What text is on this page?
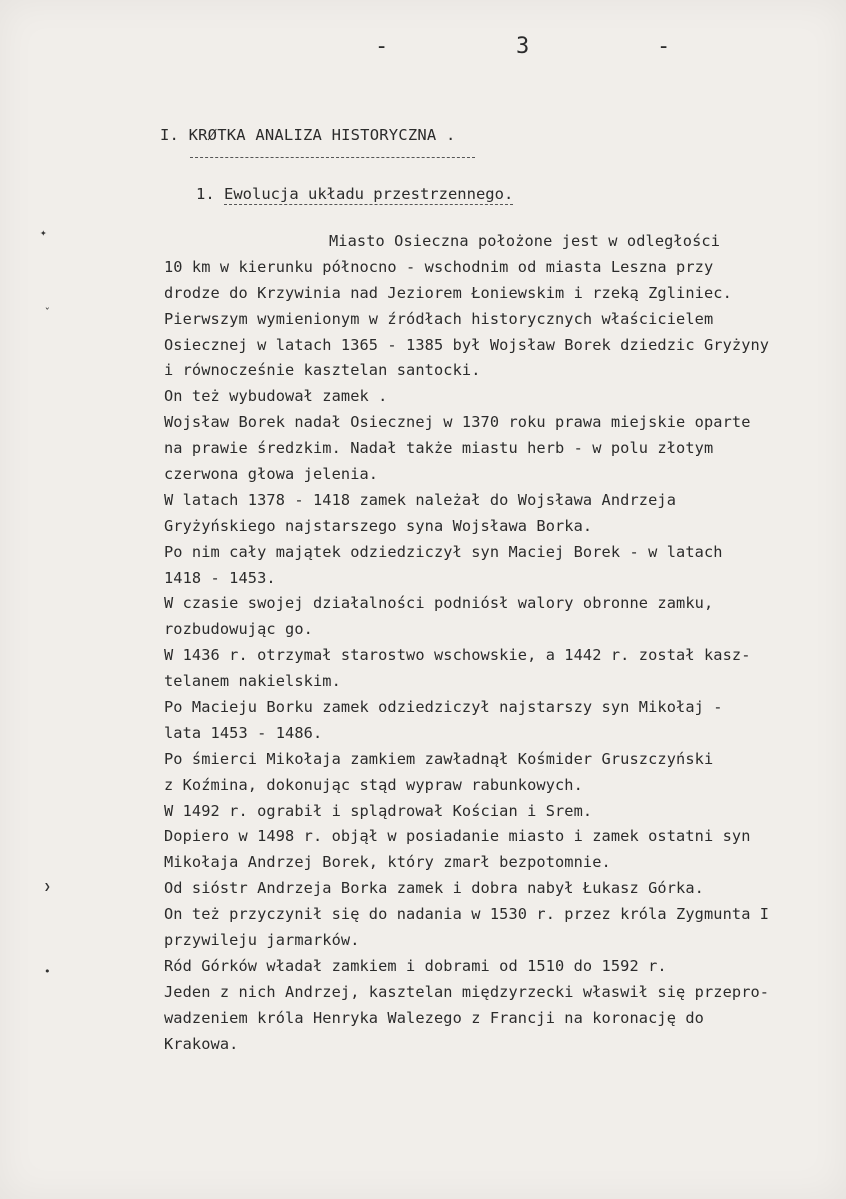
-   3   -
I. KRØTKA ANALIZA HISTORYCZNA .
1. Ewolucja układu przestrzennego.
✦
ˇ
❯
•
Miasto Osieczna położone jest w odległości
10 km w kierunku północno - wschodnim od miasta Leszna przy
drodze do Krzywinia nad Jeziorem Łoniewskim i rzeką Zgliniec.
Pierwszym wymienionym w źródłach historycznych właścicielem
Osiecznej w latach 1365 - 1385 był Wojsław Borek dziedzic Gryżyny
i równocześnie kasztelan santocki.
On też wybudował zamek .
Wojsław Borek nadał Osiecznej w 1370 roku prawa miejskie oparte
na prawie średzkim. Nadał także miastu herb - w polu złotym
czerwona głowa jelenia.
W latach 1378 - 1418 zamek należał do Wojsława Andrzeja
Gryżyńskiego najstarszego syna Wojsława Borka.
Po nim cały majątek odziedziczył syn Maciej Borek - w latach
1418 - 1453.
W czasie swojej działalności podniósł walory obronne zamku,
rozbudowując go.
W 1436 r. otrzymał starostwo wschowskie, a 1442 r. został kasz-
telanem nakielskim.
Po Macieju Borku zamek odziedziczył najstarszy syn Mikołaj -
lata 1453 - 1486.
Po śmierci Mikołaja zamkiem zawładnął Kośmider Gruszczyński
z Koźmina, dokonując stąd wypraw rabunkowych.
W 1492 r. ograbił i splądrował Kościan i Srem.
Dopiero w 1498 r. objął w posiadanie miasto i zamek ostatni syn
Mikołaja Andrzej Borek, który zmarł bezpotomnie.
Od sióstr Andrzeja Borka zamek i dobra nabył Łukasz Górka.
On też przyczynił się do nadania w 1530 r. przez króla Zygmunta I
przywileju jarmarków.
Ród Górków władał zamkiem i dobrami od 1510 do 1592 r.
Jeden z nich Andrzej, kasztelan międzyrzecki właswił się przepro-
wadzeniem króla Henryka Walezego z Francji na koronację do
Krakowa.
